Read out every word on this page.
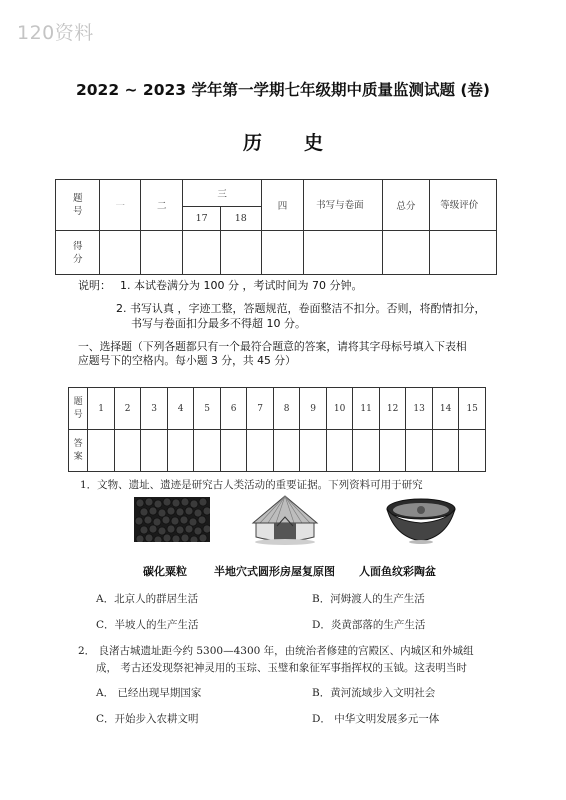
120资料
2022 ~ 2023 学年第一学期七年级期中质量监测试题 (卷)
历史
题号	一	二	三		四	书写与卷面	总分	等级评价

			17	18				

得分								

说明： 1. 本试卷满分为 100 分 ，考试时间为 70 分钟。
2. 书写认真 ，字迹工整，答题规范，卷面整洁不扣分。否则，将酌情扣分，
书写与卷面扣分最多不得超 10 分。
一、选择题（下列各题都只有一个最符合题意的答案，请将其字母标号填入下表相
应题号下的空格内。每小题 3 分，共 45 分）
题号	1	2	3	4	5	6	7	8	9	10	11	12	13	14	15

答案															

1．文物、遗址、遗迹是研究古人类活动的重要证据。下列资料可用于研究
碳化粟粒 半地穴式圆形房屋复原图 人面鱼纹彩陶盆
A．北京人的群居生活	B．河姆渡人的生产生活
C．半坡人的生产生活	D．炎黄部落的生产生活
2． 良渚古城遗址距今约 5300—4300 年，由统治者修建的宫殿区、内城区和外城组
成， 考古还发现祭祀神灵用的玉琮、玉璧和象征军事指挥权的玉钺。这表明当时
A． 已经出现早期国家	B．黄河流域步入文明社会
C．开始步入农耕文明	D． 中华文明发展多元一体
